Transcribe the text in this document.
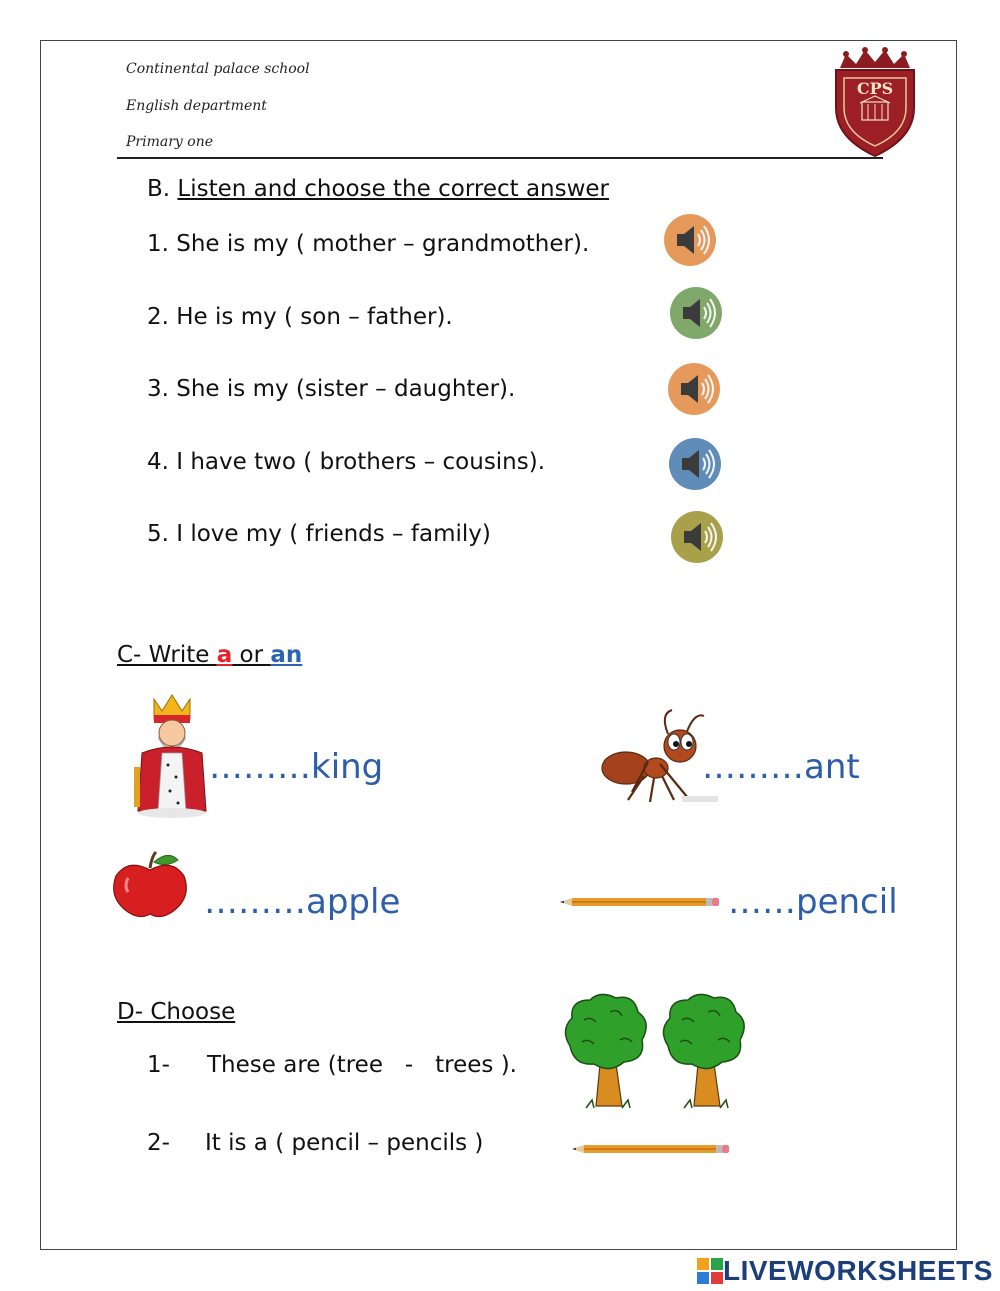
Continental palace school
English department
Primary one
CPS
B. Listen and choose the correct answer
1. She is my ( mother – grandmother).
2. He is my ( son – father).
3. She is my (sister – daughter).
4. I have two ( brothers – cousins).
5. I love my ( friends – family)
C- Write a or an
………king	………ant
………apple	……pencil
D- Choose
1- These are (tree   -   trees ).
2- It is a ( pencil – pencils )
LIVEWORKSHEETS
